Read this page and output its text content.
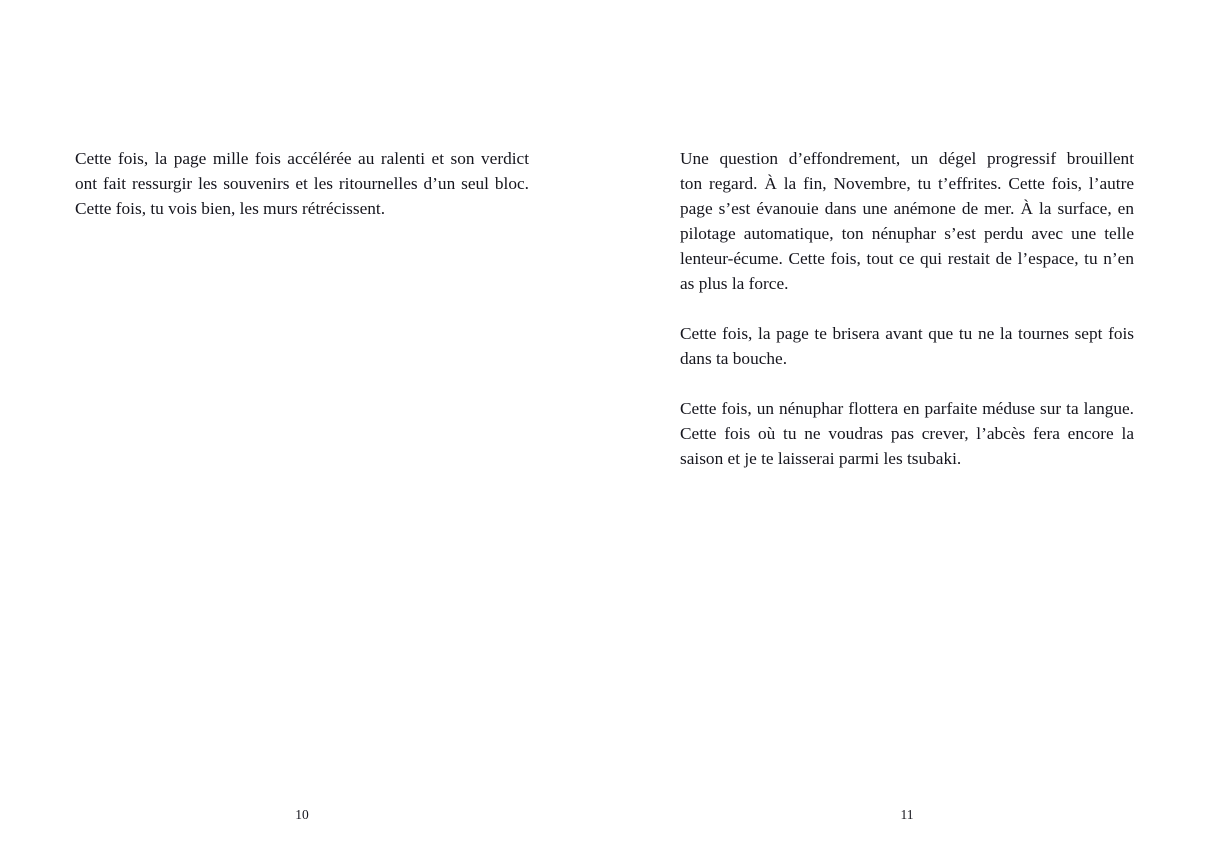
Cette fois, la page mille fois accélérée au ralenti et son verdict
ont fait ressurgir les souvenirs et les ritournelles d’un seul bloc.
Cette fois, tu vois bien, les murs rétrécissent.
10
Une question d’effondrement, un dégel progressif brouillent
ton regard. À la fin, Novembre, tu t’effrites. Cette fois, l’autre
page s’est évanouie dans une anémone de mer. À la surface, en
pilotage automatique, ton nénuphar s’est perdu avec une telle
lenteur-écume. Cette fois, tout ce qui restait de l’espace, tu n’en
as plus la force.
Cette fois, la page te brisera avant que tu ne la tournes sept fois
dans ta bouche.
Cette fois, un nénuphar flottera en parfaite méduse sur ta langue.
Cette fois où tu ne voudras pas crever, l’abcès fera encore la
saison et je te laisserai parmi les tsubaki.
11
